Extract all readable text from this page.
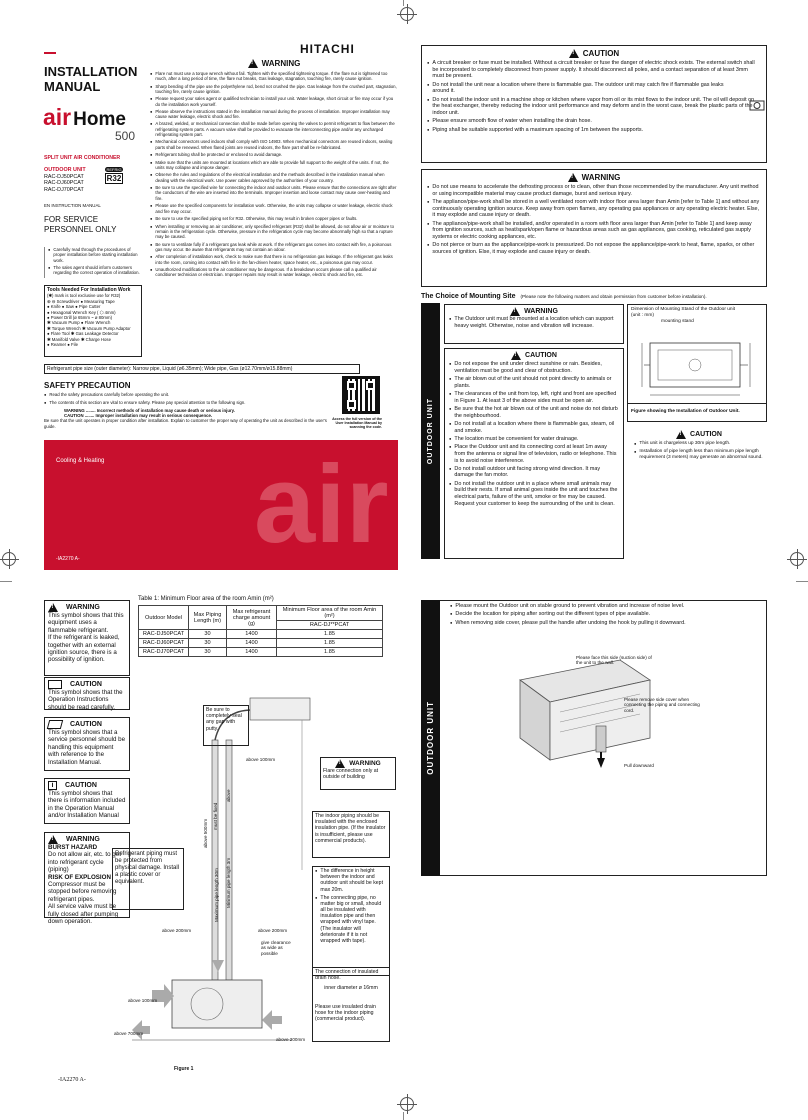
INSTALLATION
MANUAL
air Home
500
SPLIT UNIT AIR CONDITIONER
OUTDOOR UNIT
RAC-DJ50PCAT
RAC-DJ60PCAT
RAC-DJ70PCAT
REFRIG
R32
EN INSTRUCTION MANUAL
FOR SERVICE
PERSONNEL ONLY
● Carefully read through the procedures of proper installation before starting installation work.
● The sales agent should inform customers regarding the correct operation of installation.
Tools Needed For Installation Work
(✱) mark is tool exclusive use for R32)
⊕ ⊖ Screwdriver ● Measuring Tape
● Knife ● Saw ● Pipe Cutter
● Hexagonal Wrench Key ( ⬡ 4mm)
● Power Drill (ø 65mm ~ ø 80mm)
✱ Vacuum Pump ● Flare Wrench
✱ Torque Wrench ✱ Vacuum Pump Adaptor
● Flare Tool ✱ Gas Leakage Detector
✱ Manifold Valve ✱ Charge Hose
● Reamer ● File
HITACHI
!
WARNING
● Flare nut must use a torque wrench without fail. Tighten with the specified tightening torque. If the flare nut is tightened too much, after a long period of time, the flare nut breaks, Gas leakage, stagnation, touching fire, rarely cause ignition.
● Sharp bending of the pipe use the polyethylene rod, bend not crushed the pipe. Gas leakage from the crushed part, stagnation, touching fire, rarely cause ignition.
● Please request your sales agent or qualified technician to install your unit. Water leakage, short circuit or fire may occur if you do the installation work yourself.
● Please observe the instructions stated in the installation manual during the process of installation. Improper installation may cause water leakage, electric shock and fire.
● A brazed, welded, or mechanical connection shall be made before opening the valves to permit refrigerant to flow between the refrigerating system parts. A vacuum valve shall be provided to evacuate the interconnecting pipe and/or any uncharged refrigerating system part.
● Mechanical connectors used indoors shall comply with ISO 14903. When mechanical connectors are reused indoors, sealing parts shall be renewed. When flared joints are reused indoors, the flare part shall be re-fabricated.
● Refrigerant tubing shall be protected or enclosed to avoid damage.
● Make sure that the units are mounted at locations which are able to provide full support to the weight of the units. If not, the units may collapse and impose danger.
● Observe the rules and regulations of the electrical installation and the methods described in the installation manual when dealing with the electrical work. Use power cables approved by the authorities of your country.
● Be sure to use the specified wire for connecting the indoor and outdoor units. Please ensure that the connections are tight after the conductors of the wire are inserted into the terminals. Improper insertion and loose contact may cause over-heating and fire.
● Please use the specified components for installation work. Otherwise, the units may collapse or water leakage, electric shock and fire may occur.
● Be sure to use the specified piping set for R32. Otherwise, this may result in broken copper pipes or faults.
● When installing or removing an air conditioner, only specified refrigerant (R32) shall be allowed, do not allow air or moisture to remain in the refrigeration cycle. Otherwise, pressure in the refrigeration cycle may become abnormally high so that a rupture may be caused.
● Be sure to ventilate fully if a refrigerant gas leak while at work. If the refrigerant gas comes into contact with fire, a poisonous gas may occur. Be aware that refrigerants may not contain an odour.
● After completion of installation work, check to make sure that there is no refrigeration gas leakage. If the refrigerant gas leaks into the room, coming into contact with fire in the fan-driven heater, space heater, etc., a poisonous gas may occur.
● Unauthorized modifications to the air conditioner may be dangerous. If a breakdown occurs please call a qualified air conditioner technician or electrician. Improper repairs may result in water leakage, electric shock and fire, etc.
Refrigerant pipe size (outer diameter): Narrow pipe, Liquid (ø6.35mm); Wide pipe, Gas (ø12.70mm/ø15.88mm)
SAFETY PRECAUTION
● Read the safety precautions carefully before operating the unit.
● The contents of this section are vital to ensure safety. Please pay special attention to the following sign.
WARNING ........ Incorrect methods of installation may cause death or serious injury.
CAUTION ........ Improper installation may result in serious consequence.
Be sure that the unit operates in proper condition after installation. Explain to customer the proper way of operating the unit as described in the user's guide.
Access the full version of the User Installation Manual by scanning the code.
Cooling & Heating air
-IA2270 A-
!
CAUTION
● A circuit breaker or fuse must be installed. Without a circuit breaker or fuse the danger of electric shock exists. The external switch shall be incorporated to completely disconnect from power supply. It should disconnect all poles, and a contact separation of at least 3mm must be present.
● Do not install the unit near a location where there is flammable gas. The outdoor unit may catch fire if flammable gas leaks around it.
● Do not install the indoor unit in a machine shop or kitchen where vapor from oil or its mist flows to the indoor unit. The oil will deposit on the heat exchanger, thereby reducing the indoor unit performance and may deform and in the worst case, break the plastic parts of the indoor unit.
● Please ensure smooth flow of water when installing the drain hose.
● Piping shall be suitable supported with a maximum spacing of 1m between the supports.
!
WARNING
● Do not use means to accelerate the defrosting process or to clean, other than those recommended by the manufacturer. Any unit method or using incompatible material may cause product damage, burst and serious injury.
● The appliance/pipe-work shall be stored in a well ventilated room with indoor floor area larger than Amin [refer to Table 1] and without any continuously operating ignition source. Keep away from open flames, any operating gas appliances or any operating electric heater. Else, it may explode and cause injury or death.
● The appliance/pipe-work shall be installed, and/or operated in a room with floor area larger than Amin [refer to Table 1] and keep away from ignition sources, such as heat/spark/open flame or hazardous areas such as gas appliances, gas cooking, reticulated gas supply systems or electric cooking appliances, etc.
● Do not pierce or burn as the appliance/pipe-work is pressurized. Do not expose the appliance/pipe-work to heat, flame, sparks, or other sources of ignition. Else, it may explode and cause injury or death.
The Choice of Mounting Site (Please note the following matters and obtain permission from customer before installation).
OUTDOOR UNIT
!
WARNING
● The Outdoor unit must be mounted at a location which can support heavy weight. Otherwise, noise and vibration will increase.
!
CAUTION
● Do not expose the unit under direct sunshine or rain. Besides, ventilation must be good and clear of obstruction.
● The air blown out of the unit should not point directly to animals or plants.
● The clearances of the unit from top, left, right and front are specified in Figure 1. At least 3 of the above sides must be open air.
● Be sure that the hot air blown out of the unit and noise do not disturb the neighbourhood.
● Do not install at a location where there is flammable gas, steam, oil and smoke.
● The location must be convenient for water drainage.
● Place the Outdoor unit and its connecting cord at least 1m away from the antenna or signal line of television, radio or telephone. This is to avoid noise interference.
● Do not install outdoor unit facing strong wind direction. It may damage the fan motor.
● Do not install the outdoor unit in a place where small animals may build their nests. If small animal goes inside the unit and touches the electrical parts, failure of the unit, smoke or fire may be caused. Request your customer to keep the surrounding of the unit is clean.
Dimension of Mounting Stand of the Outdoor unit
(unit : mm)
mounting stand
Figure showing the Installation of Outdoor Unit.
!
CAUTION
● This unit is chargeless up 30m pipe length.
● Installation of pipe length less than minimum pipe length requirement (3 meters) may generate an abnormal sound.
!
WARNING
This symbol shows that this equipment uses a flammable refrigerant.
If the refrigerant is leaked, together with an external ignition source, there is a possibility of ignition.
CAUTION
This symbol shows that the Operation Instructions should be read carefully.
CAUTION
This symbol shows that a service personnel should be handling this equipment with reference to the Installation Manual.
i	CAUTION
This symbol shows that there is information included in the Operation Manual and/or Installation Manual
!
WARNING
BURST HAZARD
Do not allow air, etc. to get into refrigerant cycle (piping)
RISK OF EXPLOSION
Compressor must be stopped before removing refrigerant pipes.
All service valve must be fully closed after pumping down operation.
Table 1: Minimum Floor area of the room Amin (m²)
Outdoor Model	Max Piping Length (m)	Max refrigerant charge amount (g)	Minimum Floor area of the room Amin (m²)
			RAC-DJ**PCAT
RAC-DJ50PCAT	30	1400	1.85
RAC-DJ60PCAT	30	1400	1.85
RAC-DJ70PCAT	30	1400	1.85
Be sure to completely seal any gap with putty.
!
WARNING
Flare connection only at outside of building
The indoor piping should be insulated with the enclosed insulation pipe. (If the insulator is insufficient, please use commercial products).
Refrigerant piping must be protected from physical damage. Install a plastic cover or equivalent.
● The difference in height between the indoor and outdoor unit should be kept max 20m.
● The connecting pipe, no matter big or small, should all be insulated with insulation pipe and then wrapped with vinyl tape. (The insulator will deteriorate if it is not wrapped with tape).
The connection of insulated drain hose.
inner diameter ø 16mm
Please use insulated drain hose for the indoor piping (commercial product).
above 100mm
above 200mm	above 200mm
give clearance as wide as possible
above 100mm
above 700mm
above 200mm
above 500mm
must be fixed
above
Maximum pipe length 30m Minimum pipe length 3m
Figure 1
-IA2270 A-
● Please mount the Outdoor unit on stable ground to prevent vibration and increase of noise level.
● Decide the location for piping after sorting out the different types of pipe available.
● When removing side cover, please pull the handle after undoing the hook by pulling it downward.
OUTDOOR UNIT
Please face this side (suction side) of the unit to the wall.
Please remove side cover when connecting the piping and connecting cord.
Pull downward
